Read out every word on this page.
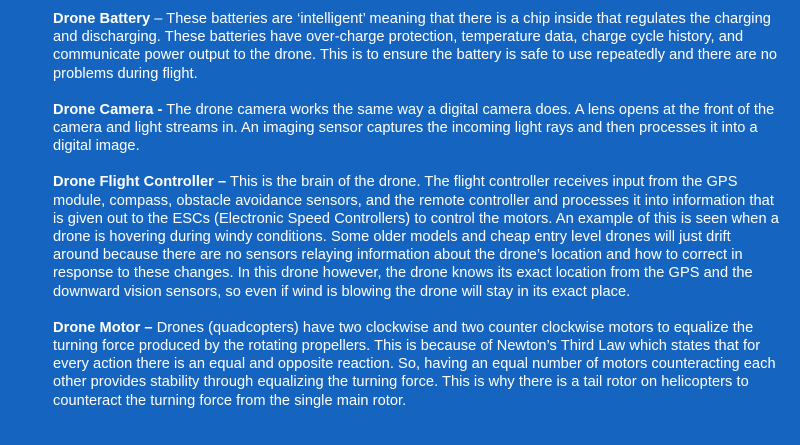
Drone Battery – These batteries are ‘intelligent’ meaning that there is a chip inside that regulates the charging and discharging. These batteries have over-charge protection, temperature data, charge cycle history, and communicate power output to the drone. This is to ensure the battery is safe to use repeatedly and there are no problems during flight.

Drone Camera - The drone camera works the same way a digital camera does. A lens opens at the front of the camera and light streams in. An imaging sensor captures the incoming light rays and then processes it into a digital image.

Drone Flight Controller – This is the brain of the drone. The flight controller receives input from the GPS module, compass, obstacle avoidance sensors, and the remote controller and processes it into information that is given out to the ESCs (Electronic Speed Controllers) to control the motors. An example of this is seen when a drone is hovering during windy conditions. Some older models and cheap entry level drones will just drift around because there are no sensors relaying information about the drone’s location and how to correct in response to these changes. In this drone however, the drone knows its exact location from the GPS and the downward vision sensors, so even if wind is blowing the drone will stay in its exact place.

Drone Motor – Drones (quadcopters) have two clockwise and two counter clockwise motors to equalize the turning force produced by the rotating propellers. This is because of Newton’s Third Law which states that for every action there is an equal and opposite reaction. So, having an equal number of motors counteracting each other provides stability through equalizing the turning force. This is why there is a tail rotor on helicopters to counteract the turning force from the single main rotor.
